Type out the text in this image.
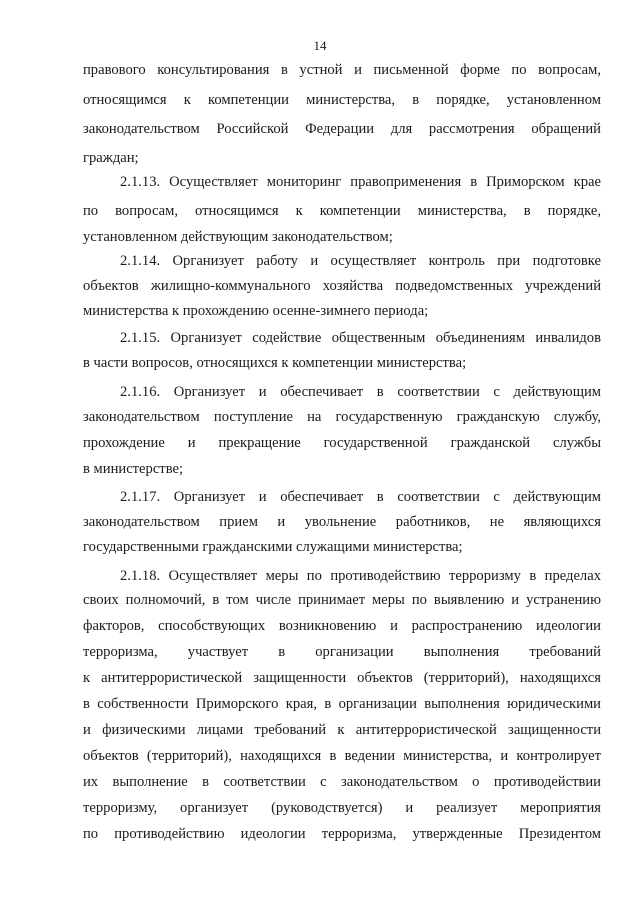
14
правового консультирования в устной и письменной форме по вопросам,
относящимся к компетенции министерства, в порядке, установленном
законодательством Российской Федерации для рассмотрения обращений
граждан;
2.1.13. Осуществляет мониторинг правоприменения в Приморском крае
по вопросам, относящимся к компетенции министерства, в порядке,
установленном действующим законодательством;
2.1.14. Организует работу и осуществляет контроль при подготовке
объектов жилищно-коммунального хозяйства подведомственных учреждений
министерства к прохождению осенне-зимнего периода;
2.1.15. Организует содействие общественным объединениям инвалидов
в части вопросов, относящихся к компетенции министерства;
2.1.16. Организует и обеспечивает в соответствии с действующим
законодательством поступление на государственную гражданскую службу,
прохождение и прекращение государственной гражданской службы
в министерстве;
2.1.17. Организует и обеспечивает в соответствии с действующим
законодательством прием и увольнение работников, не являющихся
государственными гражданскими служащими министерства;
2.1.18. Осуществляет меры по противодействию терроризму в пределах
своих полномочий, в том числе принимает меры по выявлению и устранению
факторов, способствующих возникновению и распространению идеологии
терроризма, участвует в организации выполнения требований
к антитеррористической защищенности объектов (территорий), находящихся
в собственности Приморского края, в организации выполнения юридическими
и физическими лицами требований к антитеррористической защищенности
объектов (территорий), находящихся в ведении министерства, и контролирует
их выполнение в соответствии с законодательством о противодействии
терроризму, организует (руководствуется) и реализует мероприятия
по противодействию идеологии терроризма, утвержденные Президентом
